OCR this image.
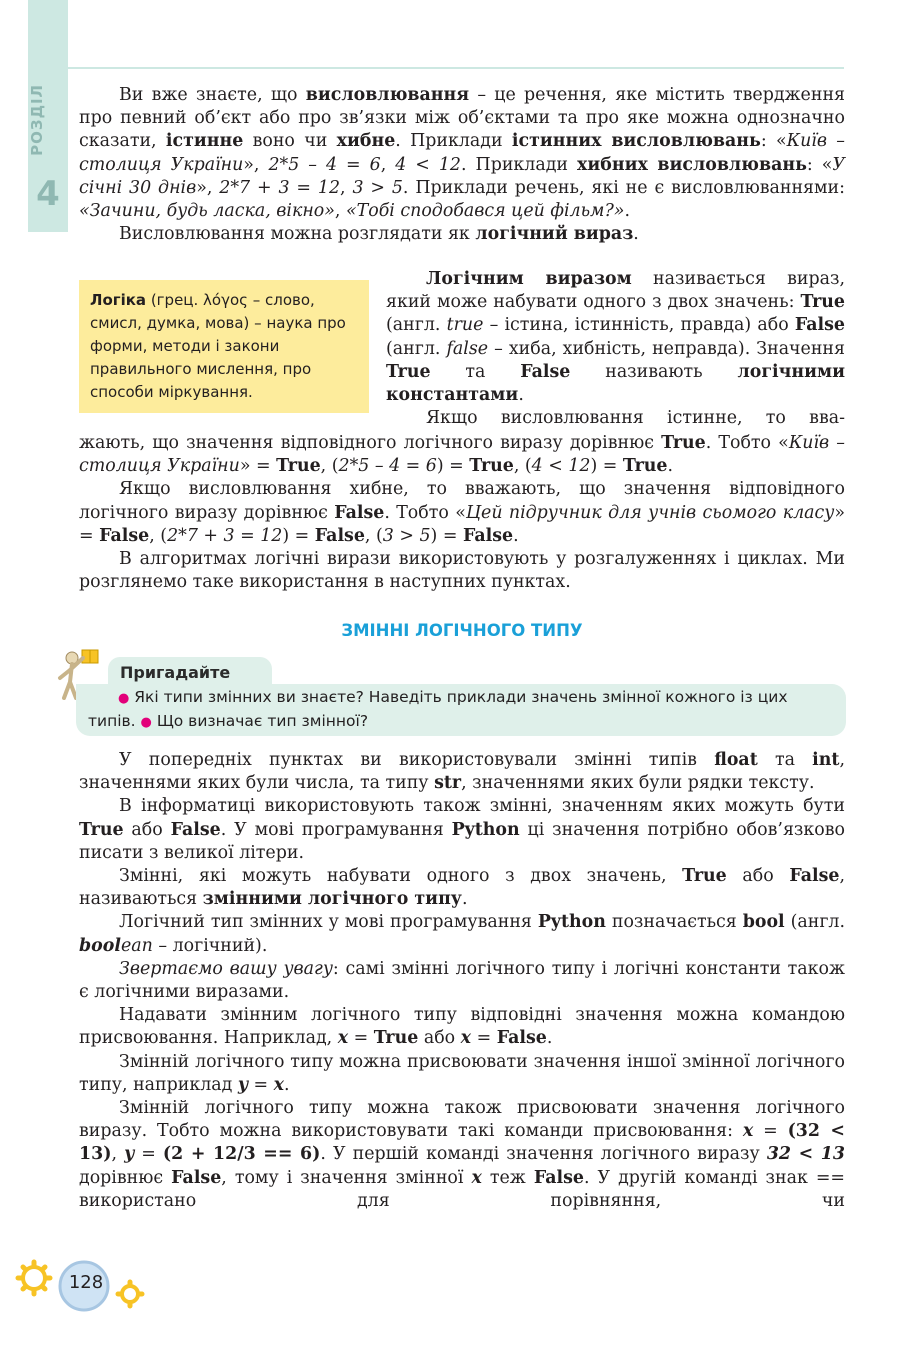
РОЗДІЛ
4

Ви вже знаєте, що висловлювання – це речення, яке містить твердження про певний об’єкт або про зв’язки між об’єктами та про яке можна однозначно сказати, істинне воно чи хибне. Приклади істинних висловлювань: «Київ – столиця України», 2*5 – 4 = 6, 4 < 12. Приклади хибних висловлювань: «У січні 30 днів», 2*7 + 3 = 12, 3 > 5. Приклади речень, які не є висловлюваннями: «Зачини, будь ласка, вікно», «Тобі сподобався цей фільм?».

Висловлювання можна розглядати як логічний вираз.

Логіка (грец. λόγος – слово, смисл, думка, мова) – наука про форми, методи і закони правильного мислення, про способи міркування.

Логічним виразом називається вираз, який може набувати одного з двох значень: True (англ. true – істина, істинність, правда) або False (англ. false – хиба, хибність, неправда). Значення True та False називають логічними константами.

Якщо висловлювання істинне, то вва-

жають, що значення відповідного логічного виразу дорівнює True. Тобто «Київ – столиця України» = True, (2*5 – 4 = 6) = True, (4 < 12) = True.

Якщо висловлювання хибне, то вважають, що значення відповідного логічного виразу дорівнює False. Тобто «Цей підручник для учнів сьомого класу» = False, (2*7 + 3 = 12) = False, (3 > 5) = False.

В алгоритмах логічні вирази використовують у розгалуженнях і циклах. Ми розглянемо таке використання в наступних пунктах.

ЗМІННІ ЛОГІЧНОГО ТИПУ
Пригадайте
● Які типи змінних ви знаєте? Наведіть приклади значень змінної кожного із цих типів. ● Що визначає тип змінної?

У попередніх пунктах ви використовували змінні типів float та int, значеннями яких були числа, та типу str, значеннями яких були рядки тексту.

В інформатиці використовують також змінні, значенням яких можуть бути True або False. У мові програмування Python ці значення потрібно обов’язково писати з великої літери.

Змінні, які можуть набувати одного з двох значень, True або False, називаються змінними логічного типу.

Логічний тип змінних у мові програмування Python позначається bool (англ. boolean – логічний).

Звертаємо вашу увагу: самі змінні логічного типу і логічні константи також є логічними виразами.

Надавати змінним логічного типу відповідні значення можна командою присвоювання. Наприклад, x = True або x = False.

Змінній логічного типу можна присвоювати значення іншої змінної логічного типу, наприклад y = x.

Змінній логічного типу можна також присвоювати значення логічного виразу. Тобто можна використовувати такі команди присвоювання: x = (32 < 13), y = (2 + 12/3 == 6). У першій команді значення логічного виразу 32 < 13 дорівнює False, тому і значення змінної x теж False. У другій команді знак == використано для порівняння, чи

128
